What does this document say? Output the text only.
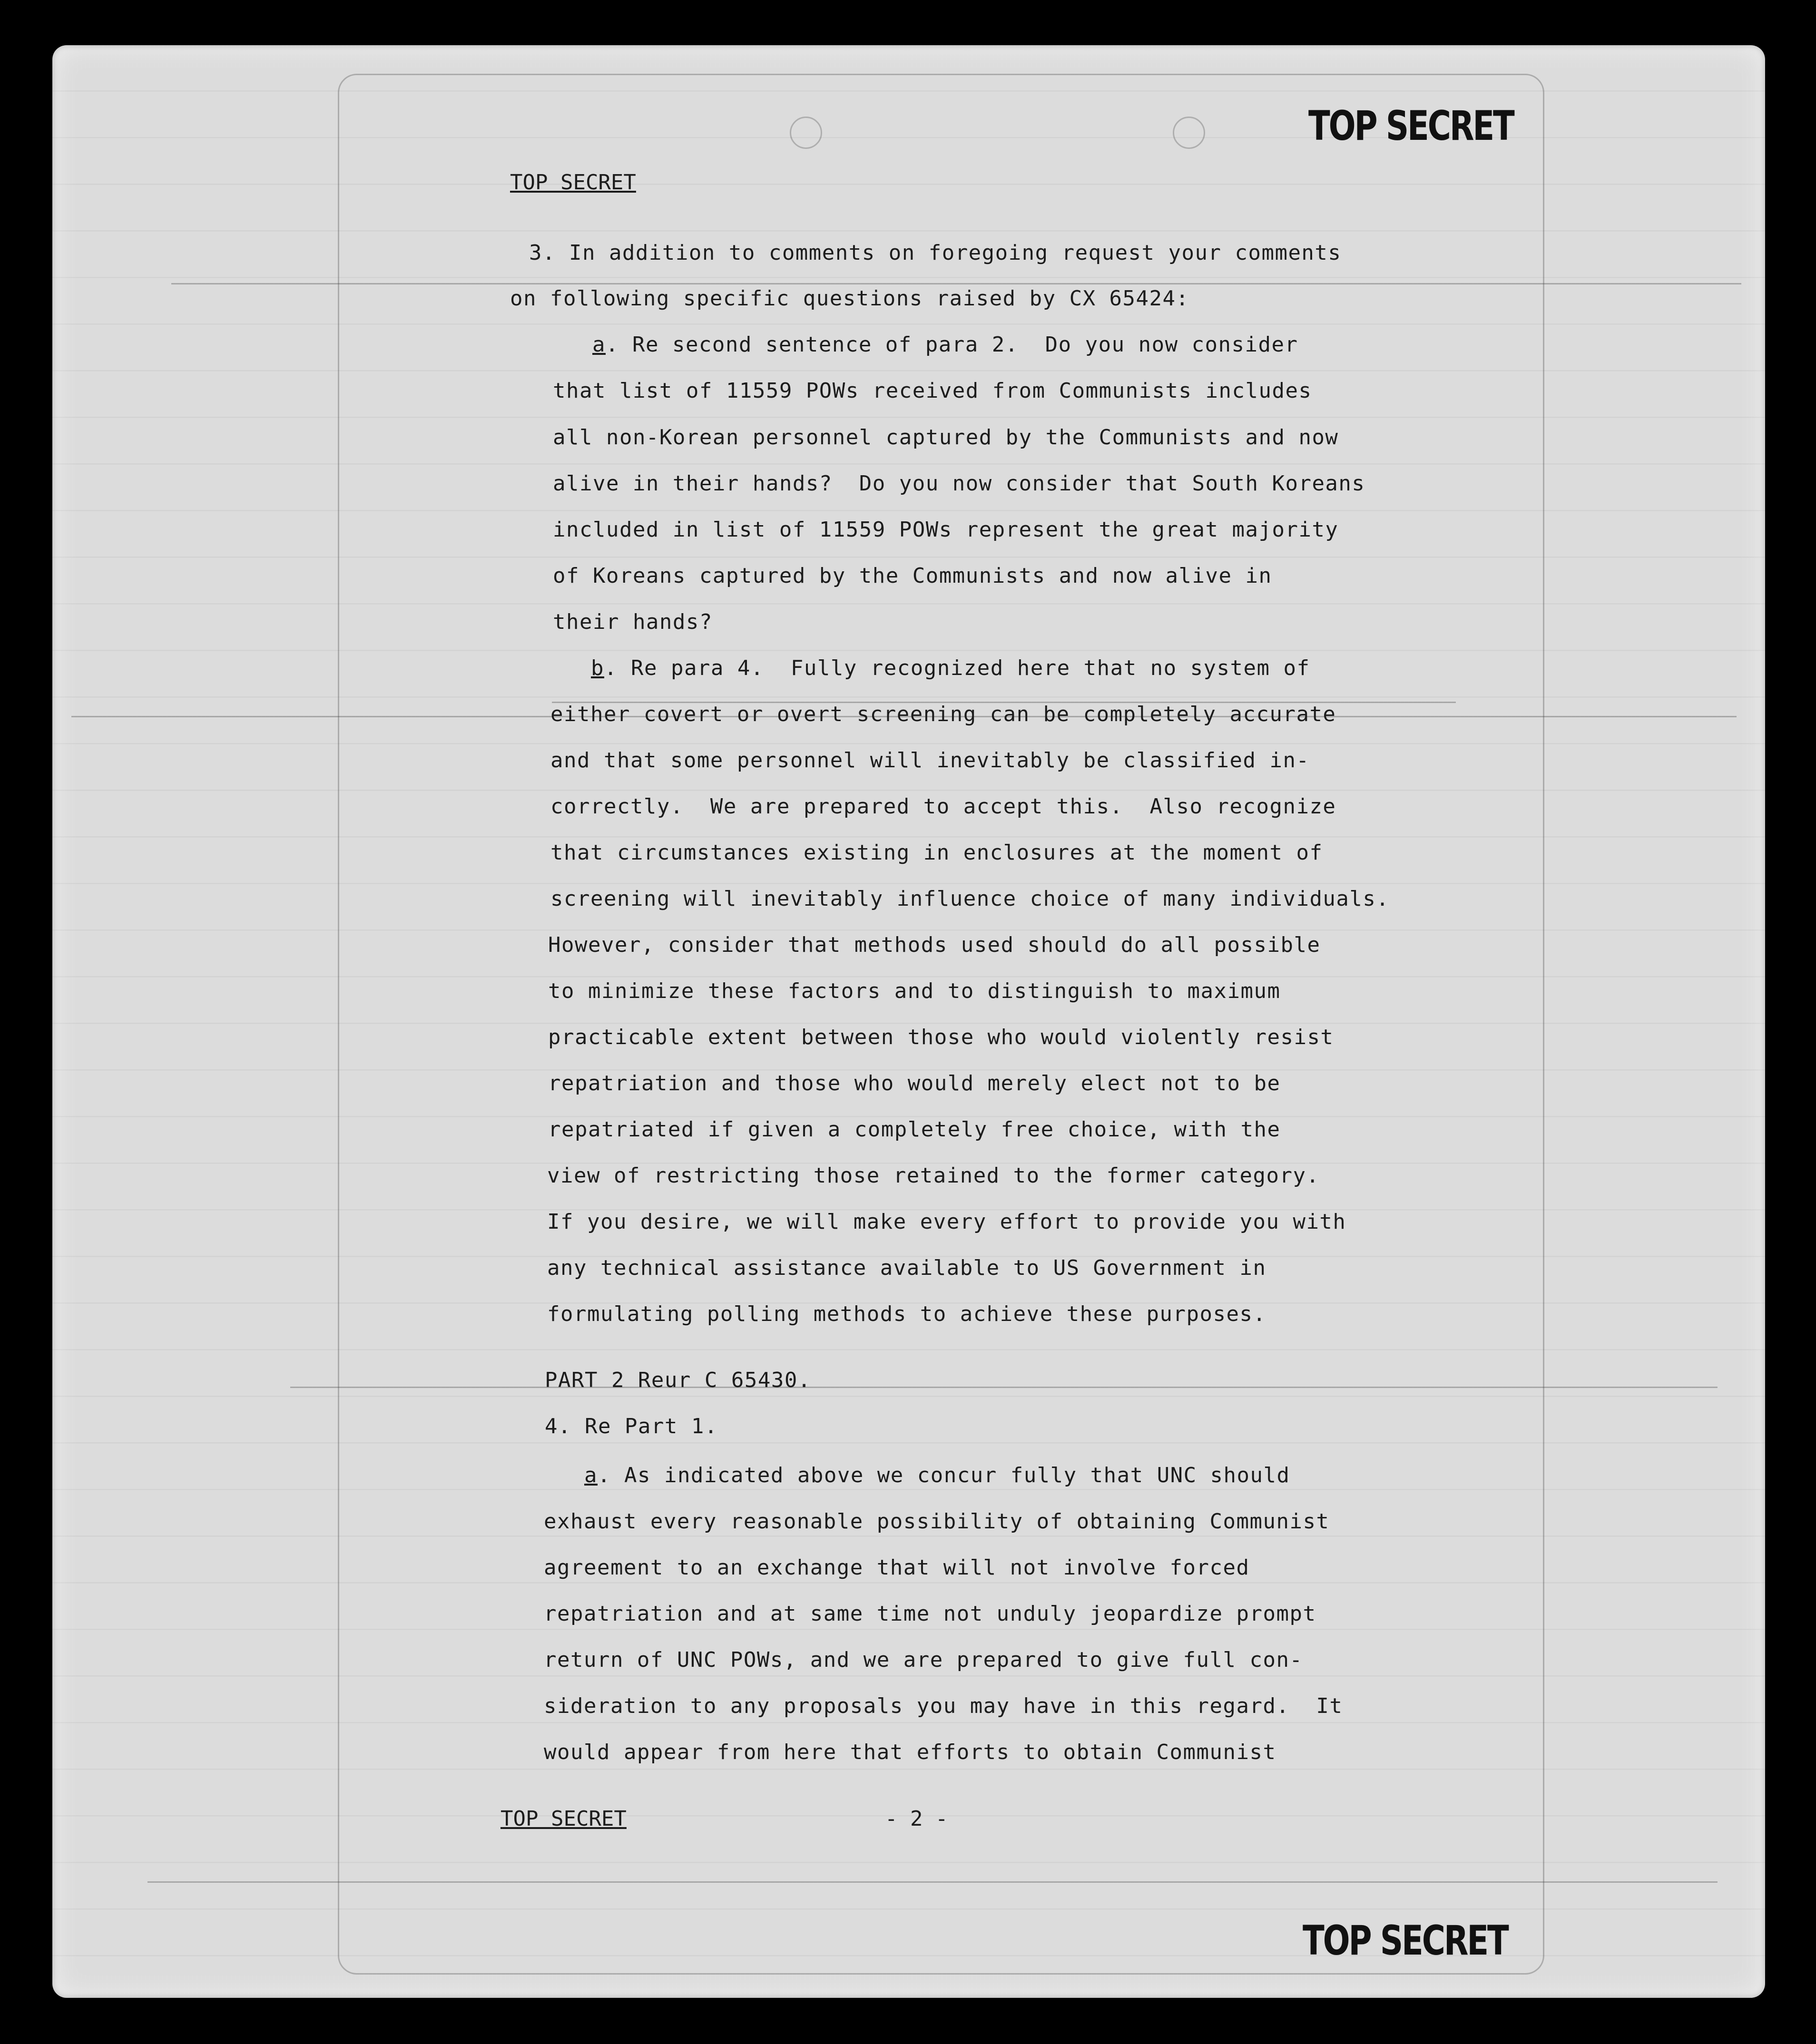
TOP SECRET
TOP SECRET
3. In addition to comments on foregoing request your comments
on following specific questions raised by CX 65424:
a. Re second sentence of para 2.  Do you now consider
that list of 11559 POWs received from Communists includes
all non-Korean personnel captured by the Communists and now
alive in their hands?  Do you now consider that South Koreans
included in list of 11559 POWs represent the great majority
of Koreans captured by the Communists and now alive in
their hands?
b. Re para 4.  Fully recognized here that no system of
either covert or overt screening can be completely accurate
and that some personnel will inevitably be classified in-
correctly.  We are prepared to accept this.  Also recognize
that circumstances existing in enclosures at the moment of
screening will inevitably influence choice of many individuals.
However, consider that methods used should do all possible
to minimize these factors and to distinguish to maximum
practicable extent between those who would violently resist
repatriation and those who would merely elect not to be
repatriated if given a completely free choice, with the
view of restricting those retained to the former category.
If you desire, we will make every effort to provide you with
any technical assistance available to US Government in
formulating polling methods to achieve these purposes.
PART 2 Reur C 65430.
4. Re Part 1.
a. As indicated above we concur fully that UNC should
exhaust every reasonable possibility of obtaining Communist
agreement to an exchange that will not involve forced
repatriation and at same time not unduly jeopardize prompt
return of UNC POWs, and we are prepared to give full con-
sideration to any proposals you may have in this regard.  It
would appear from here that efforts to obtain Communist
TOP SECRET	- 2 -
TOP SECRET
